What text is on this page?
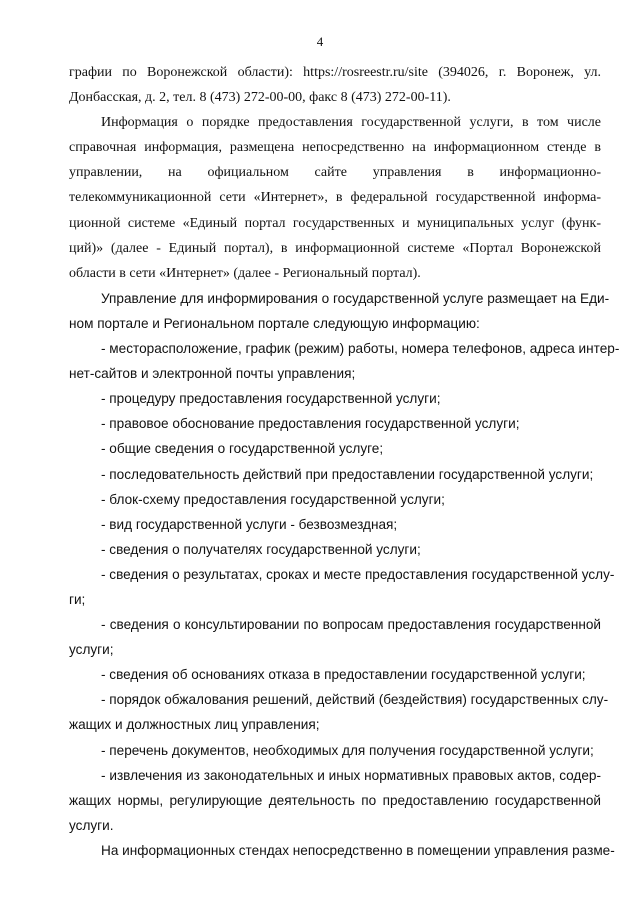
4
графии по Воронежской области): https://rosreestr.ru/site (394026, г. Воронеж, ул.
Донбасская, д. 2, тел. 8 (473) 272-00-00, факс 8 (473) 272-00-11).
Информация о порядке предоставления государственной услуги, в том числе
справочная информация, размещена непосредственно на информационном стенде в
управлении, на официальном сайте управления в информационно-
телекоммуникационной сети «Интернет», в федеральной государственной информа-
ционной системе «Единый портал государственных и муниципальных услуг (функ-
ций)» (далее - Единый портал), в информационной системе «Портал Воронежской
области в сети «Интернет» (далее - Региональный портал).
Управление для информирования о государственной услуге размещает на Еди-
ном портале и Региональном портале следующую информацию:
- месторасположение, график (режим) работы, номера телефонов, адреса интер-
нет-сайтов и электронной почты управления;
- процедуру предоставления государственной услуги;
- правовое обоснование предоставления государственной услуги;
- общие сведения о государственной услуге;
- последовательность действий при предоставлении государственной услуги;
- блок-схему предоставления государственной услуги;
- вид государственной услуги - безвозмездная;
- сведения о получателях государственной услуги;
- сведения о результатах, сроках и месте предоставления государственной услу-
ги;
- сведения о консультировании по вопросам предоставления государственной
услуги;
- сведения об основаниях отказа в предоставлении государственной услуги;
- порядок обжалования решений, действий (бездействия) государственных слу-
жащих и должностных лиц управления;
- перечень документов, необходимых для получения государственной услуги;
- извлечения из законодательных и иных нормативных правовых актов, содер-
жащих нормы, регулирующие деятельность по предоставлению государственной
услуги.
На информационных стендах непосредственно в помещении управления разме-
